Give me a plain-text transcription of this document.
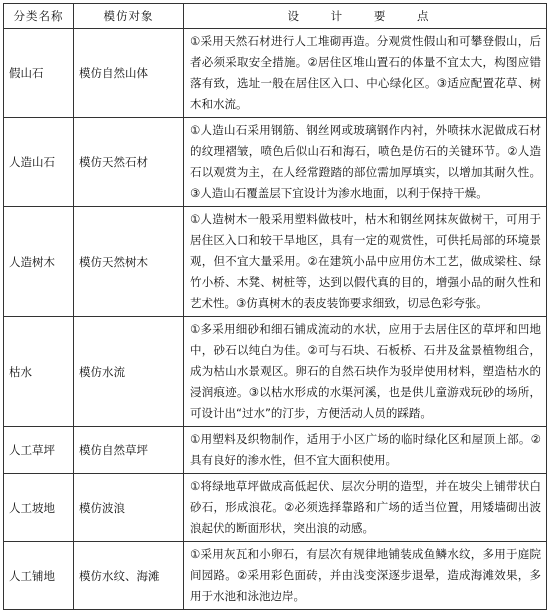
分类名称	模仿对象	设 计 要 点
假山石	模仿自然山体	①采用天然石材进行人工堆砌再造。分观赏性假山和可攀登假山，后者必须采取安全措施。②居住区堆山置石的体量不宜太大，构图应错落有致，选址一般在居住区入口、中心绿化区。③适应配置花草、树木和水流。
人造山石	模仿天然石材	①人造山石采用钢筋、钢丝网或玻璃钢作内衬，外喷抹水泥做成石材的纹理褶皱，喷色后似山石和海石，喷色是仿石的关键环节。②人造石以观赏为主，在人经常蹬踏的部位需加厚填实，以增加其耐久性。③人造山石覆盖层下宜设计为渗水地面，以利于保持干燥。
人造树木	模仿天然树木	①人造树木一般采用塑料做枝叶，枯木和钢丝网抹灰做树干，可用于居住区入口和较干旱地区，具有一定的观赏性，可供托局部的环境景观，但不宜大量采用。②在建筑小品中应用仿木工艺，做成梁柱、绿竹小桥、木凳、树桩等，达到以假代真的目的，增强小品的耐久性和艺术性。③仿真树木的表皮装饰要求细致，切忌色彩夸张。
枯水	模仿水流	①多采用细砂和细石铺成流动的水状，应用于去居住区的草坪和凹地中，砂石以纯白为佳。②可与石块、石板桥、石井及盆景植物组合，成为枯山水景观区。卵石的自然石块作为驳岸使用材料，塑造枯水的浸润痕迹。③以枯水形成的水渠河溪，也是供儿童游戏玩砂的场所，可设计出“过水”的汀步，方便活动人员的踩踏。
人工草坪	模仿自然草坪	①用塑料及织物制作，适用于小区广场的临时绿化区和屋顶上部。②具有良好的渗水性，但不宜大面积使用。
人工坡地	模仿波浪	①将绿地草坪做成高低起伏、层次分明的造型，并在坡尖上铺带状白砂石，形成浪花。②必须选择靠路和广场的适当位置，用矮墙砌出波浪起伏的断面形状，突出浪的动感。
人工铺地	模仿水纹、海滩	①采用灰瓦和小卵石，有层次有规律地铺装成鱼鳞水纹，多用于庭院间园路。②采用彩色面砖，并由浅变深逐步退晕，造成海滩效果，多用于水池和泳池边岸。
